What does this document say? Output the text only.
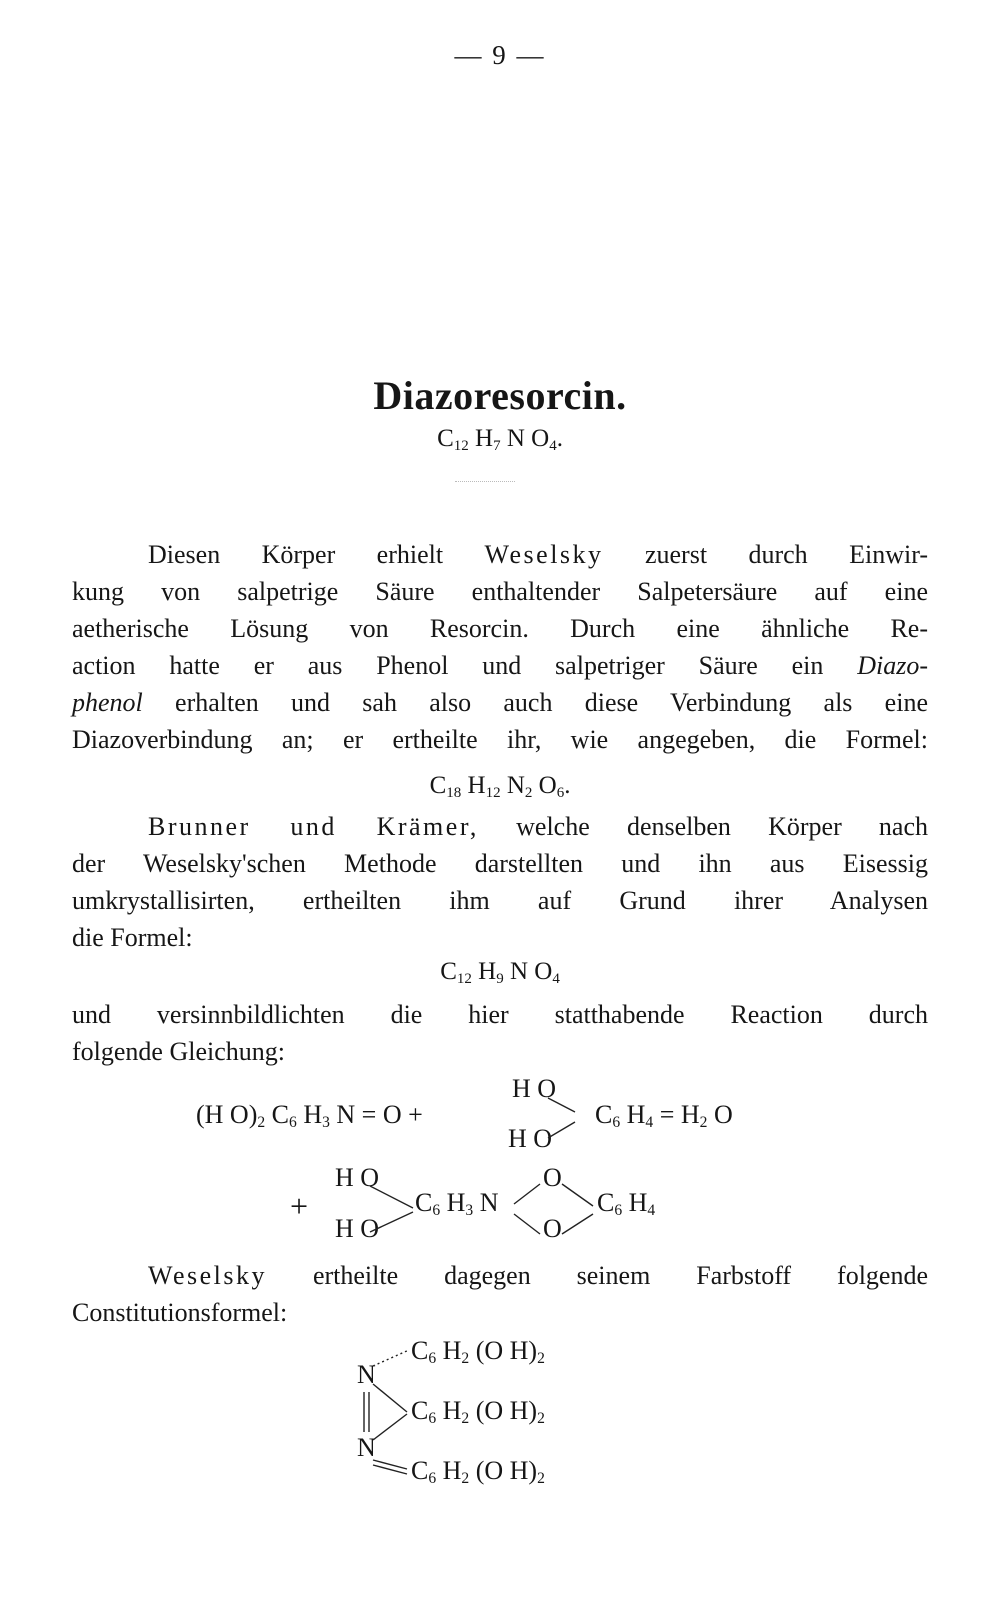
— 9 —
Diazoresorcin.
C12 H7 N O4.
Diesen Körper erhielt Weselsky zuerst durch Einwir-
kung von salpetrige Säure enthaltender Salpetersäure auf eine
aetherische Lösung von Resorcin. Durch eine ähnliche Re-
action hatte er aus Phenol und salpetriger Säure ein Diazo-
phenol erhalten und sah also auch diese Verbindung als eine
Diazoverbindung an; er ertheilte ihr, wie angegeben, die Formel:
C18 H12 N2 O6.
Brunner und Krämer, welche denselben Körper nach
der Weselsky'schen Methode darstellten und ihn aus Eisessig
umkrystallisirten, ertheilten ihm auf Grund ihrer Analysen
die Formel:
C12 H9 N O4
und versinnbildlichten die hier statthabende Reaction durch
folgende Gleichung:
(H O)2 C6 H3 N = O +
H O
H O
C6 H4 = H2 O
+
H O
H O
C6 H3 N
O
O
C6 H4
Weselsky ertheilte dagegen seinem Farbstoff folgende
Constitutionsformel:
N
N
C6 H2 (O H)2
C6 H2 (O H)2
C6 H2 (O H)2
